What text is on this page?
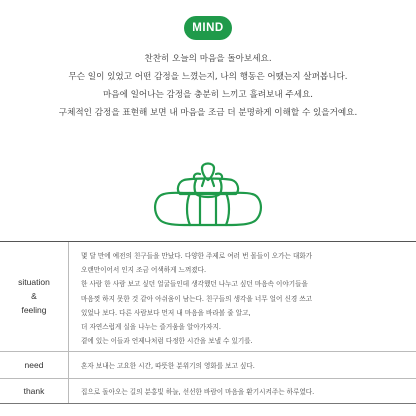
MIND
찬찬히 오늘의 마음을 돌아보세요.
무슨 일이 있었고 어떤 감정을 느꼈는지, 나의 행동은 어땠는지 살펴봅니다.
마음에 일어나는 감정을 충분히 느끼고 흘려보내 주세요.
구체적인 감정을 표현해 보면 내 마음을 조금 더 분명하게 이해할 수 있을거예요.
situation
&
feeling
몇 달 만에 예전의 친구들을 만났다. 다양한 주제로 여러 번 몰들이 오가는 대화가
오랜만이어서 인지 조금 어색하게 느껴졌다.
한 사람 한 사람 보고 싶던 얼굴들인데 생각했던 나누고 싶던 마음속 이야기들을
마음껏 하지 못한 것 같아 아쉬움이 남는다. 친구들의 생각을 너무 얼어 신경 쓰고
있었나 보다. 다른 사람보다 먼저 내 마음을 바라볼 줄 알고,
더 자연스럽게 실을 나누는 즐거움을 알아가자지.
곁에 있는 이들과 언제나처럼 다정한 시간을 보낼 수 있기를.
need	혼자 보내는 고요한 시간, 따뜻한 분위기의 영화를 보고 싶다.
thank	집으로 돌아오는 길의 분홍빛 하늘, 선선한 바람이 마음을 환기시켜주는 하루였다.
